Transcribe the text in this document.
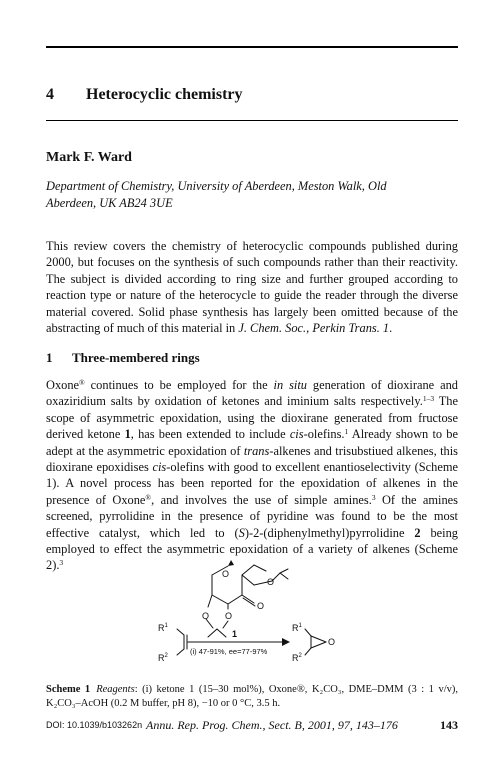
4 Heterocyclic chemistry
Mark F. Ward
Department of Chemistry, University of Aberdeen, Meston Walk, Old
Aberdeen, UK AB24 3UE

This review covers the chemistry of heterocyclic compounds published during 2000, but focuses on the synthesis of such compounds rather than their reactivity. The subject is divided according to ring size and further grouped according to reaction type or nature of the heterocycle to guide the reader through the diverse material covered. Solid phase synthesis has largely been omitted because of the abstracting of much of this material in J. Chem. Soc., Perkin Trans. 1.

1 Three-membered rings

Oxone® continues to be employed for the in situ generation of dioxirane and oxaziridium salts by oxidation of ketones and iminium salts respectively.$^{1-3}$ The scope of asymmetric epoxidation, using the dioxirane generated from fructose derived ketone 1, has been extended to include cis-olefins.$^1$ Already shown to be adept at the asymmetric epoxidation of trans-alkenes and trisubstiued alkenes, this dioxirane epoxidises cis-olefins with good to excellent enantioselectivity (Scheme 1). A novel process has been reported for the epoxidation of alkenes in the presence of Oxone®, and involves the use of simple amines.$^3$ Of the amines screened, pyrrolidine in the presence of pyridine was found to be the most effective catalyst, which led to (S)-2-(diphenylmethyl)pyrrolidine 2 being employed to effect the asymmetric epoxidation of a variety of alkenes (Scheme 2).$^3$

O
O
O O
O
O
$R^1$
$R^2$
$R^1$
$R^2$
1
(i) 47-91%, ee=77-97%

Scheme 1 Reagents: (i) ketone 1 (15–30 mol%), Oxone®, K₂CO₃, DME–DMM (3 : 1 v/v), K₂CO₃–AcOH (0.2 M buffer, pH 8), −10 or 0 °C, 3.5 h.

DOI: 10.1039/b103262n Annu. Rep. Prog. Chem., Sect. B, 2001, 97, 143–176	143
